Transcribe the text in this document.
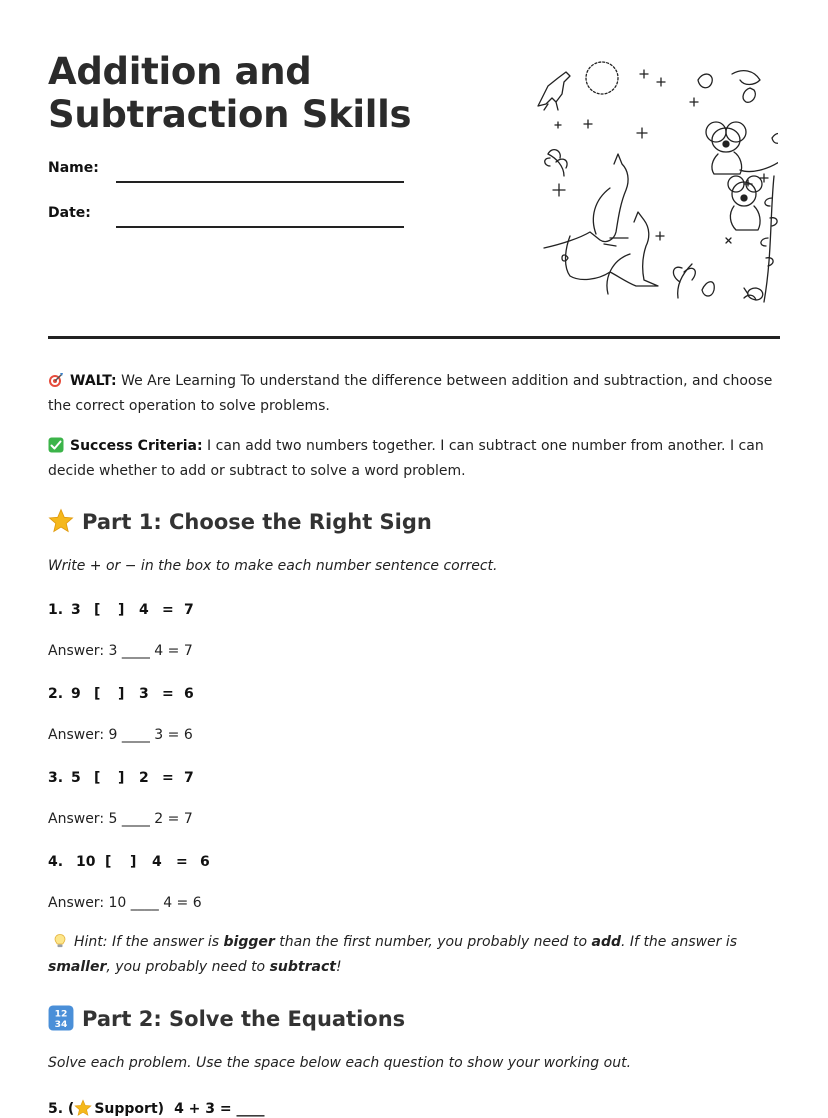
Addition and
Subtraction Skills
Name:
Date:

WALT: We Are Learning To understand the difference between addition and subtraction, and choose the correct operation to solve problems.

Success Criteria: I can add two numbers together. I can subtract one number from another. I can decide whether to add or subtract to solve a word problem.

Part 1: Choose the Right Sign
Write + or − in the box to make each number sentence correct.
1. 3 [ ] 4 = 7
Answer: 3 ____ 4 = 7
2. 9 [ ] 3 = 6
Answer: 9 ____ 3 = 6
3. 5 [ ] 2 = 7
Answer: 5 ____ 2 = 7
4. 10 [ ] 4 = 6
Answer: 10 ____ 4 = 6
Hint: If the answer is bigger than the first number, you probably need to add. If the answer is smaller, you probably need to subtract!
12
34 Part 2: Solve the Equations
Solve each problem. Use the space below each question to show your working out.
5. ( Support) 4 + 3 = ____
